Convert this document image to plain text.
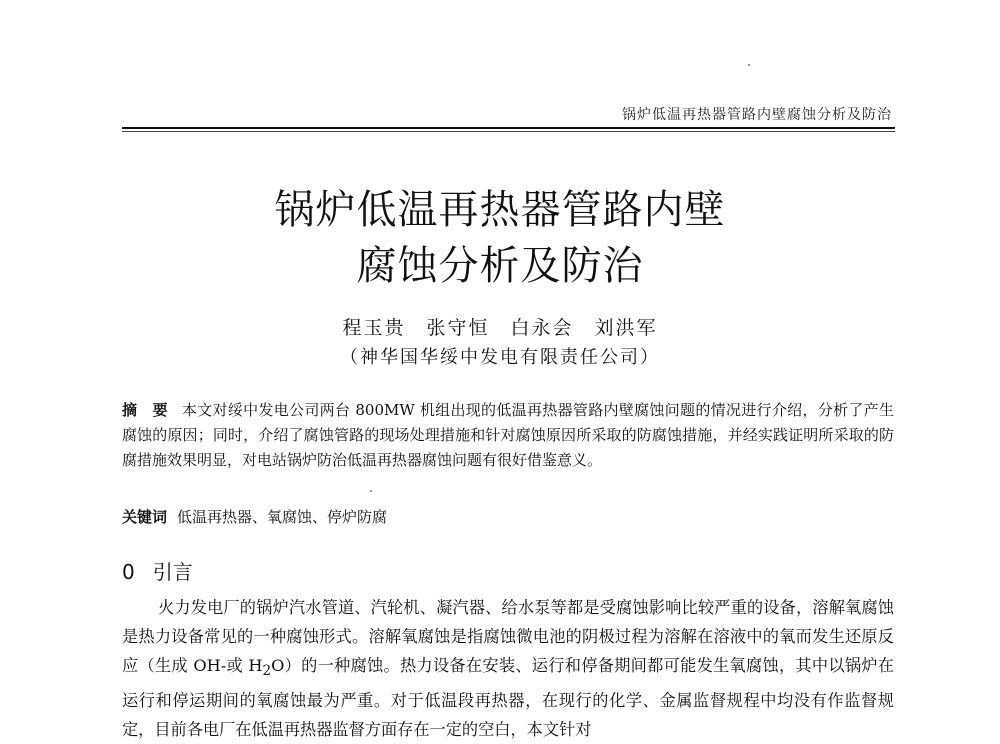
锅炉低温再热器管路内壁腐蚀分析及防治
锅炉低温再热器管路内壁
腐蚀分析及防治
程玉贵　张守恒　白永会　刘洪军
（神华国华绥中发电有限责任公司）
摘　要 本文对绥中发电公司两台 800MW 机组出现的低温再热器管路内壁腐蚀问题的情况进行介绍，分析了产生腐蚀的原因；同时，介绍了腐蚀管路的现场处理措施和针对腐蚀原因所采取的防腐蚀措施，并经实践证明所采取的防腐措施效果明显，对电站锅炉防治低温再热器腐蚀问题有很好借鉴意义。
关键词 低温再热器、氧腐蚀、停炉防腐
0 引言
火力发电厂的锅炉汽水管道、汽轮机、凝汽器、给水泵等都是受腐蚀影响比较严重的设备，溶解氧腐蚀是热力设备常见的一种腐蚀形式。溶解氧腐蚀是指腐蚀微电池的阴极过程为溶解在溶液中的氧而发生还原反应（生成 OH-或 $H_2O$）的一种腐蚀。热力设备在安装、运行和停备期间都可能发生氧腐蚀，其中以锅炉在运行和停运期间的氧腐蚀最为严重。对于低温段再热器，在现行的化学、金属监督规程中均没有作监督规定，目前各电厂在低温再热器监督方面存在一定的空白，本文针对
